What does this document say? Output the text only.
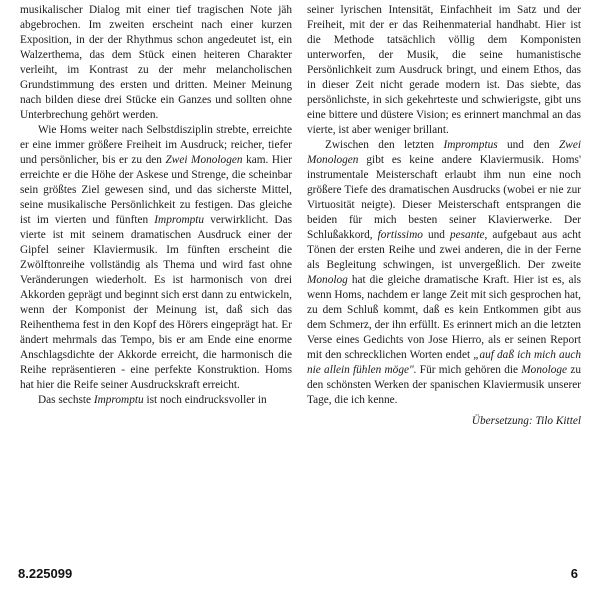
musikalischer Dialog mit einer tief tragischen Note jäh abgebrochen. Im zweiten erscheint nach einer kurzen Exposition, in der der Rhythmus schon angedeutet ist, ein Walzerthema, das dem Stück einen heiteren Charakter verleiht, im Kontrast zu der mehr melancholischen Grundstimmung des ersten und dritten. Meiner Meinung nach bilden diese drei Stücke ein Ganzes und sollten ohne Unterbrechung gehört werden.

Wie Homs weiter nach Selbstdisziplin strebte, erreichte er eine immer größere Freiheit im Ausdruck; reicher, tiefer und persönlicher, bis er zu den Zwei Monologen kam. Hier erreichte er die Höhe der Askese und Strenge, die scheinbar sein größtes Ziel gewesen sind, und das sicherste Mittel, seine musikalische Persönlichkeit zu festigen. Das gleiche ist im vierten und fünften Impromptu verwirklicht. Das vierte ist mit seinem dramatischen Ausdruck einer der Gipfel seiner Klaviermusik. Im fünften erscheint die Zwölftonreihe vollständig als Thema und wird fast ohne Veränderungen wiederholt. Es ist harmonisch von drei Akkorden geprägt und beginnt sich erst dann zu entwickeln, wenn der Komponist der Meinung ist, daß sich das Reihenthema fest in den Kopf des Hörers eingeprägt hat. Er ändert mehrmals das Tempo, bis er am Ende eine enorme Anschlagsdichte der Akkorde erreicht, die harmonisch die Reihe repräsentieren - eine perfekte Konstruktion. Homs hat hier die Reife seiner Ausdruckskraft erreicht.

Das sechste Impromptu ist noch eindrucksvoller in

seiner lyrischen Intensität, Einfachheit im Satz und der Freiheit, mit der er das Reihenmaterial handhabt. Hier ist die Methode tatsächlich völlig dem Komponisten unterworfen, der Musik, die seine humanistische Persönlichkeit zum Ausdruck bringt, und einem Ethos, das in dieser Zeit nicht gerade modern ist. Das siebte, das persönlichste, in sich gekehrteste und schwierigste, gibt uns eine bittere und düstere Vision; es erinnert manchmal an das vierte, ist aber weniger brillant.

Zwischen den letzten Impromptus und den Zwei Monologen gibt es keine andere Klaviermusik. Homs' instrumentale Meisterschaft erlaubt ihm nun eine noch größere Tiefe des dramatischen Ausdrucks (wobei er nie zur Virtuosität neigte). Dieser Meisterschaft entsprangen die beiden für mich besten seiner Klavierwerke. Der Schlußakkord, fortissimo und pesante, aufgebaut aus acht Tönen der ersten Reihe und zwei anderen, die in der Ferne als Begleitung schwingen, ist unvergeßlich. Der zweite Monolog hat die gleiche dramatische Kraft. Hier ist es, als wenn Homs, nachdem er lange Zeit mit sich gesprochen hat, zu dem Schluß kommt, daß es kein Entkommen gibt aus dem Schmerz, der ihn erfüllt. Es erinnert mich an die letzten Verse eines Gedichts von Jose Hierro, als er seinen Report mit den schrecklichen Worten endet „auf daß ich mich auch nie allein fühlen möge". Für mich gehören die Monologe zu den schönsten Werken der spanischen Klaviermusik unserer Tage, die ich kenne.

Übersetzung: Tilo Kittel

8.225099	6
